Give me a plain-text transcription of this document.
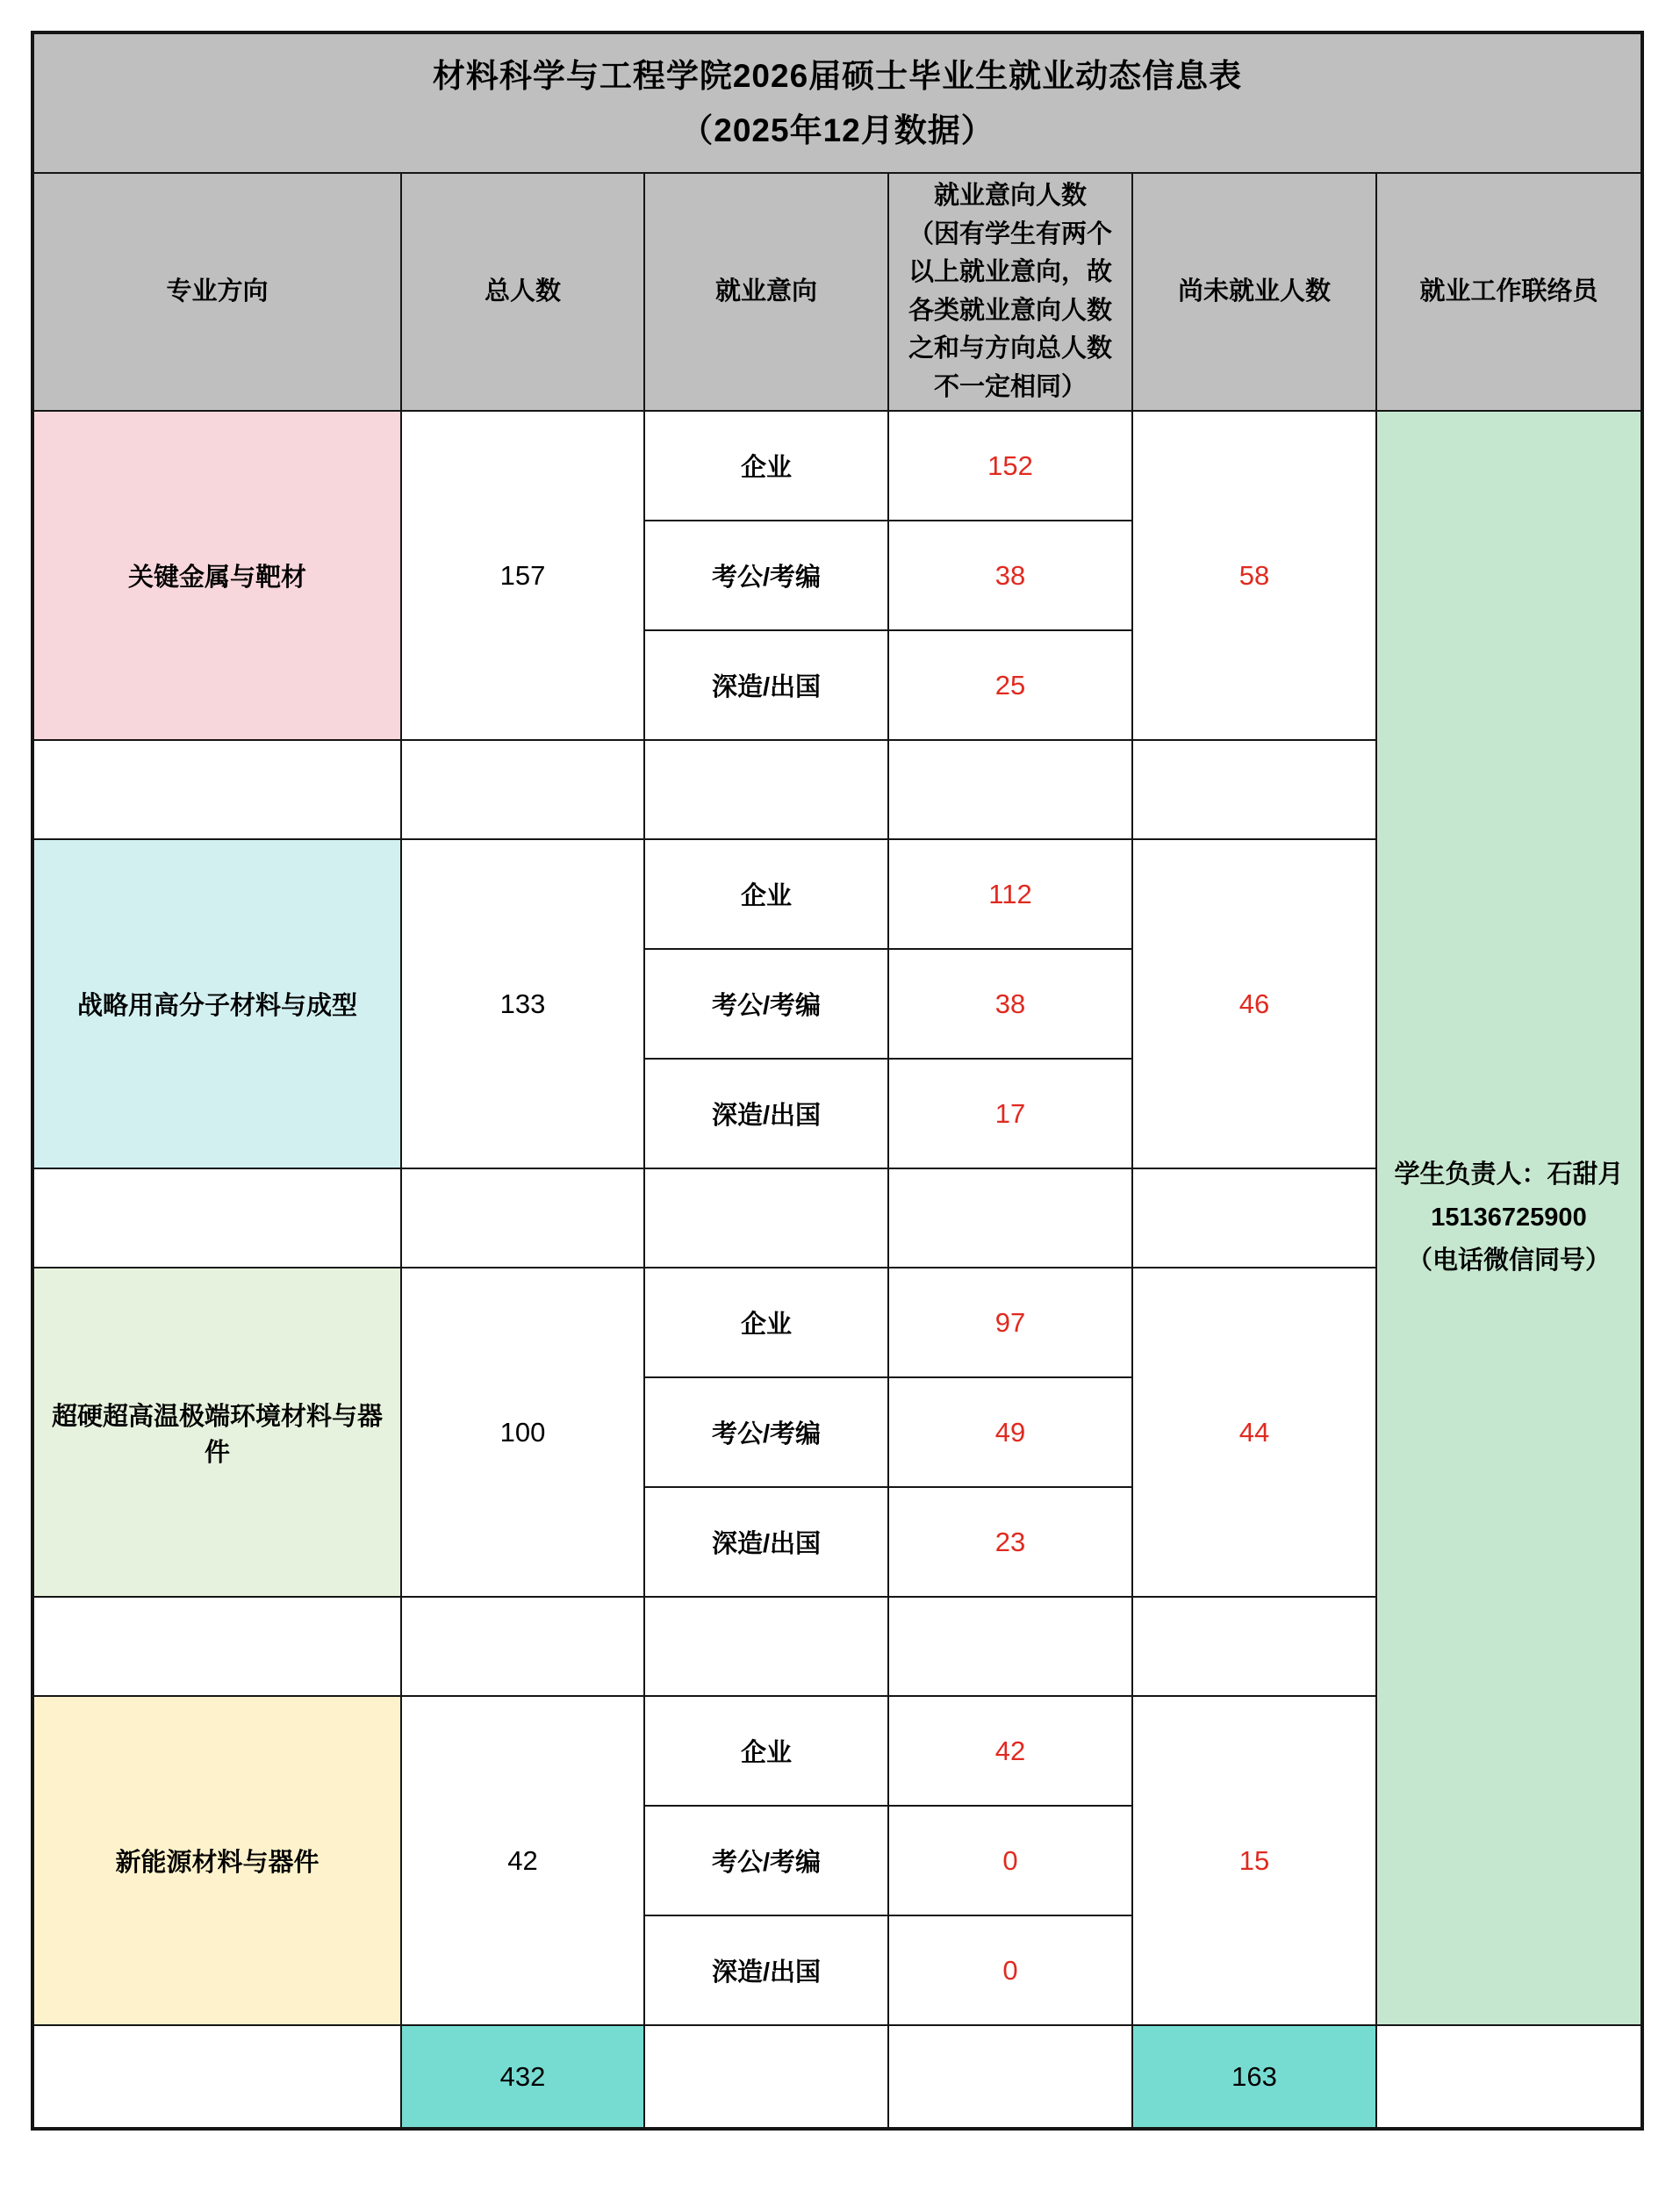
材料科学与工程学院2026届硕士毕业生就业动态信息表
（2025年12月数据）					

专业方向	总人数	就业意向	就业意向人数
（因有学生有两个以上就业意向，故各类就业意向人数之和与方向总人数不一定相同）	尚未就业人数	就业工作联络员
关键金属与靶材	157	企业	152	58	学生负责人：石甜月
15136725900
（电话微信同号）

		考公/考编	38		
		深造/出国	25		

战略用高分子材料与成型	133	企业	112	46	
		考公/考编	38		
		深造/出国	17		

超硬超高温极端环境材料与器件	100	企业	97	44	
		考公/考编	49		
		深造/出国	23		

新能源材料与器件	42	企业	42	15	
		考公/考编	0		
		深造/出国	0		
	432			163	
